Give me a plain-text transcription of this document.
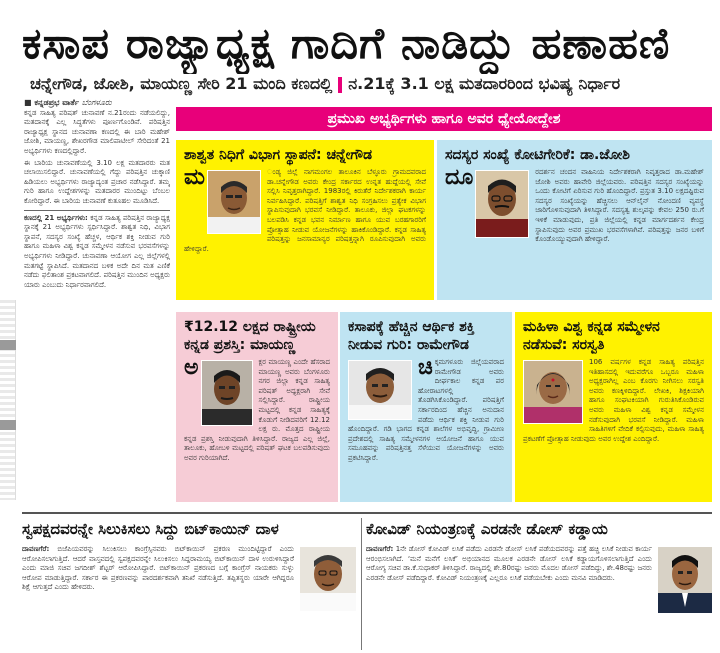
ಕಸಾಪ ರಾಜ್ಯಾಧ್ಯಕ್ಷ ಗಾದಿಗೆ ನಾಡಿದ್ದು ಹಣಾಹಣಿ
ಚನ್ನೇಗೌಡ, ಜೋಶಿ, ಮಾಯಣ್ಣ ಸೇರಿ 21 ಮಂದಿ ಕಣದಲ್ಲಿ ನ.21ಕ್ಕೆ 3.1 ಲಕ್ಷ ಮತದಾರರಿಂದ ಭವಿಷ್ಯ ನಿರ್ಧಾರ
■ ಕನ್ನಡಪ್ರಭ ವಾರ್ತೆ ಬೆಂಗಳೂರು

ಕನ್ನಡ ಸಾಹಿತ್ಯ ಪರಿಷತ್ ಚುನಾವಣೆ ನ.21ರಂದು ನಡೆಯಲಿದ್ದು, ಮತದಾನಕ್ಕೆ ಎಲ್ಲ ಸಿದ್ಧತೆಗಳು ಪೂರ್ಣಗೊಂಡಿವೆ. ಪರಿಷತ್ತಿನ ರಾಜ್ಯಾಧ್ಯಕ್ಷ ಸ್ಥಾನದ ಚುನಾವಣಾ ಕಣದಲ್ಲಿ ಈ ಬಾರಿ ಮಹೇಶ್ ಜೋಶಿ, ಮಾಯಣ್ಣ, ಶೇಖರಗೌಡ ಮಾಲಿಪಾಟೀಲ್ ಸೇರಿದಂತೆ 21 ಅಭ್ಯರ್ಥಿಗಳು ಕಣದಲ್ಲಿದ್ದಾರೆ.

ಈ ಬಾರಿಯ ಚುನಾವಣೆಯಲ್ಲಿ 3.10 ಲಕ್ಷ ಮತದಾರರು ಮತ ಚಲಾಯಿಸಲಿದ್ದಾರೆ. ಚುನಾವಣೆಯಲ್ಲಿ ಗೆದ್ದು ಪರಿಷತ್ತಿನ ಚುಕ್ಕಾಣಿ ಹಿಡಿಯಲು ಅಭ್ಯರ್ಥಿಗಳು ರಾಜ್ಯಾದ್ಯಂತ ಪ್ರಚಾರ ನಡೆಸಿದ್ದಾರೆ. ತಮ್ಮ ಗುರಿ ಹಾಗೂ ಉದ್ದೇಶಗಳನ್ನು ಮತದಾರರ ಮುಂದಿಟ್ಟು ಬೆಂಬಲ ಕೋರಿದ್ದಾರೆ. ಈ ಬಾರಿಯ ಚುನಾವಣೆ ಕುತೂಹಲ ಮೂಡಿಸಿದೆ.

ಕಣದಲ್ಲಿ 21 ಅಭ್ಯರ್ಥಿಗಳು: ಕನ್ನಡ ಸಾಹಿತ್ಯ ಪರಿಷತ್ತಿನ ರಾಜ್ಯಾಧ್ಯಕ್ಷ ಸ್ಥಾನಕ್ಕೆ 21 ಅಭ್ಯರ್ಥಿಗಳು ಸ್ಪರ್ಧಿಸಿದ್ದಾರೆ. ಶಾಶ್ವತ ನಿಧಿ, ವಿಭಾಗ ಸ್ಥಾಪನೆ, ಸದಸ್ಯರ ಸಂಖ್ಯೆ ಹೆಚ್ಚಳ, ಆರ್ಥಿಕ ಶಕ್ತಿ ನೀಡುವ ಗುರಿ ಹಾಗೂ ಮಹಿಳಾ ವಿಶ್ವ ಕನ್ನಡ ಸಮ್ಮೇಳನ ನಡೆಸುವ ಭರವಸೆಗಳನ್ನು ಅಭ್ಯರ್ಥಿಗಳು ನೀಡಿದ್ದಾರೆ. ಚುನಾವಣಾ ಆಯೋಗ ಎಲ್ಲ ಜಿಲ್ಲೆಗಳಲ್ಲಿ ಮತಗಟ್ಟೆ ಸ್ಥಾಪಿಸಿದೆ. ಮತದಾನದ ಬಳಿಕ ಅದೇ ದಿನ ಮತ ಎಣಿಕೆ ನಡೆದು ಫಲಿತಾಂಶ ಪ್ರಕಟವಾಗಲಿದೆ. ಪರಿಷತ್ತಿನ ಮುಂದಿನ ಅಧ್ಯಕ್ಷರು ಯಾರು ಎಂಬುದು ನಿರ್ಧಾರವಾಗಲಿದೆ.

ಪ್ರಮುಖ ಅಭ್ಯರ್ಥಿಗಳು ಹಾಗೂ ಅವರ ಧ್ಯೇಯೋದ್ದೇಶ
ಶಾಶ್ವತ ನಿಧಿಗೆ ವಿಭಾಗ ಸ್ಥಾಪನೆ: ಚನ್ನೇಗೌಡ
ಮ	ಂಡ್ಯ ಜಿಲ್ಲೆ ನಾಗಮಂಗಲ ತಾಲೂಕಿನ ಬೆಳ್ಳೂರು ಗ್ರಾಮದವರಾದ ಡಾ.ಚನ್ನೇಗೌಡ ಅವರು ಕೇಂದ್ರ ಸರ್ಕಾರದ ಉನ್ನತ ಹುದ್ದೆಯಲ್ಲಿ ಸೇವೆ ಸಲ್ಲಿಸಿ ನಿವೃತ್ತರಾಗಿದ್ದಾರೆ. 1983ರಲ್ಲಿ ಕಿರುತೆರೆ ನಿರ್ದೇಶಕರಾಗಿ ಕಾರ್ಯ ನಿರ್ವಹಿಸಿದ್ದಾರೆ. ಪರಿಷತ್ತಿಗೆ ಶಾಶ್ವತ ನಿಧಿ ಸಂಗ್ರಹಿಸಲು ಪ್ರತ್ಯೇಕ ವಿಭಾಗ ಸ್ಥಾಪಿಸುವುದಾಗಿ ಭರವಸೆ ನೀಡಿದ್ದಾರೆ. ತಾಲೂಕು, ಜಿಲ್ಲಾ ಘಟಕಗಳನ್ನು ಬಲಪಡಿಸಿ ಕನ್ನಡ ಭವನ ನಿರ್ಮಾಣ ಹಾಗೂ ಯುವ ಬರಹಗಾರರಿಗೆ ಪ್ರೋತ್ಸಾಹ ನೀಡುವ ಯೋಜನೆಗಳನ್ನು ಹಾಕಿಕೊಂಡಿದ್ದಾರೆ. ಕನ್ನಡ ಸಾಹಿತ್ಯ ಪರಿಷತ್ತನ್ನು ಜನಸಾಮಾನ್ಯರ ಪರಿಷತ್ತನ್ನಾಗಿ ರೂಪಿಸುವುದಾಗಿ ಅವರು ಹೇಳಿದ್ದಾರೆ.
ಸದಸ್ಯರ ಸಂಖ್ಯೆ ಕೋಟಿಗೇರಿಕೆ: ಡಾ.ಜೋಶಿ
ದೂ	ರದರ್ಶನ ಚಂದನ ವಾಹಿನಿಯ ನಿರ್ದೇಶಕರಾಗಿ ನಿವೃತ್ತರಾದ ಡಾ.ಮಹೇಶ್ ಜೋಶಿ ಅವರು ಹಾವೇರಿ ಜಿಲ್ಲೆಯವರು. ಪರಿಷತ್ತಿನ ಸದಸ್ಯರ ಸಂಖ್ಯೆಯನ್ನು ಒಂದು ಕೋಟಿಗೆ ಏರಿಸುವ ಗುರಿ ಹೊಂದಿದ್ದಾರೆ. ಪ್ರಸ್ತುತ 3.10 ಲಕ್ಷದಷ್ಟಿರುವ ಸದಸ್ಯರ ಸಂಖ್ಯೆಯನ್ನು ಹೆಚ್ಚಿಸಲು ಆನ್‌ಲೈನ್ ನೋಂದಣಿ ವ್ಯವಸ್ಥೆ ಜಾರಿಗೊಳಿಸುವುದಾಗಿ ತಿಳಿಸಿದ್ದಾರೆ. ಸದಸ್ಯತ್ವ ಶುಲ್ಕವನ್ನು ಕೇವಲ 250 ರು.ಗೆ ಇಳಿಕೆ ಮಾಡುವುದು, ಪ್ರತಿ ಜಿಲ್ಲೆಯಲ್ಲಿ ಕನ್ನಡ ಮಾರ್ಗದರ್ಶನ ಕೇಂದ್ರ ಸ್ಥಾಪಿಸುವುದು ಅವರ ಪ್ರಮುಖ ಭರವಸೆಗಳಾಗಿವೆ. ಪರಿಷತ್ತನ್ನು ಜನರ ಬಳಿಗೆ ಕೊಂಡೊಯ್ಯುವುದಾಗಿ ಹೇಳಿದ್ದಾರೆ.
₹12.12 ಲಕ್ಷದ ರಾಷ್ಟ್ರೀಯ ಕನ್ನಡ ಪ್ರಶಸ್ತಿ: ಮಾಯಣ್ಣ
ಅ	ಕ್ಷರ ಮಾಯಣ್ಣ ಎಂದೇ ಹೆಸರಾದ ಮಾಯಣ್ಣ ಅವರು ಬೆಂಗಳೂರು ನಗರ ಜಿಲ್ಲಾ ಕನ್ನಡ ಸಾಹಿತ್ಯ ಪರಿಷತ್ ಅಧ್ಯಕ್ಷರಾಗಿ ಸೇವೆ ಸಲ್ಲಿಸಿದ್ದಾರೆ. ರಾಷ್ಟ್ರೀಯ ಮಟ್ಟದಲ್ಲಿ ಕನ್ನಡ ಸಾಹಿತ್ಯಕ್ಕೆ ಕೊಡುಗೆ ನೀಡಿದವರಿಗೆ 12.12 ಲಕ್ಷ ರು. ಮೊತ್ತದ ರಾಷ್ಟ್ರೀಯ ಕನ್ನಡ ಪ್ರಶಸ್ತಿ ನೀಡುವುದಾಗಿ ತಿಳಿಸಿದ್ದಾರೆ. ರಾಜ್ಯದ ಎಲ್ಲ ಜಿಲ್ಲೆ, ತಾಲೂಕು, ಹೋಬಳಿ ಮಟ್ಟದಲ್ಲಿ ಪರಿಷತ್ ಘಟಕ ಬಲಪಡಿಸುವುದು ಅವರ ಗುರಿಯಾಗಿದೆ.
ಕಸಾಪಕ್ಕೆ ಹೆಚ್ಚಿನ ಆರ್ಥಿಕ ಶಕ್ತಿ ನೀಡುವ ಗುರಿ: ರಾಮೇಗೌಡ
ಚಿ ಕ್ಕಮಗಳೂರು ಜಿಲ್ಲೆಯವರಾದ ರಾಮೇಗೌಡ ಅವರು ದೀರ್ಘಕಾಲ ಕನ್ನಡ ಪರ ಹೋರಾಟಗಳಲ್ಲಿ ತೊಡಗಿಸಿಕೊಂಡಿದ್ದಾರೆ. ಪರಿಷತ್ತಿಗೆ ಸರ್ಕಾರದಿಂದ ಹೆಚ್ಚಿನ ಅನುದಾನ ಪಡೆದು ಆರ್ಥಿಕ ಶಕ್ತಿ ನೀಡುವ ಗುರಿ ಹೊಂದಿದ್ದಾರೆ. ಗಡಿ ಭಾಗದ ಕನ್ನಡ ಶಾಲೆಗಳ ಅಭಿವೃದ್ಧಿ, ಗ್ರಾಮೀಣ ಪ್ರದೇಶದಲ್ಲಿ ಸಾಹಿತ್ಯ ಸಮ್ಮೇಳನಗಳ ಆಯೋಜನೆ ಹಾಗೂ ಯುವ ಸಮೂಹವನ್ನು ಪರಿಷತ್ತಿನತ್ತ ಸೆಳೆಯುವ ಯೋಜನೆಗಳನ್ನು ಅವರು ಪ್ರಕಟಿಸಿದ್ದಾರೆ.
ಮಹಿಳಾ ವಿಶ್ವ ಕನ್ನಡ ಸಮ್ಮೇಳನ ನಡೆಸುವೆ: ಸರಸ್ವತಿ
106 ವರ್ಷಗಳ ಕನ್ನಡ ಸಾಹಿತ್ಯ ಪರಿಷತ್ತಿನ ಇತಿಹಾಸದಲ್ಲಿ ಇದುವರೆಗೂ ಒಬ್ಬರೂ ಮಹಿಳಾ ಅಧ್ಯಕ್ಷರಾಗಿಲ್ಲ ಎಂಬ ಕೊರಗು ನೀಗಿಸಲು ಸರಸ್ವತಿ ಅವರು ಕಣಕ್ಕಿಳಿದಿದ್ದಾರೆ. ಲೇಖಕಿ, ಶಿಕ್ಷಕಿಯಾಗಿ ಹಾಗೂ ಸಂಘಟಕಿಯಾಗಿ ಗುರುತಿಸಿಕೊಂಡಿರುವ ಅವರು ಮಹಿಳಾ ವಿಶ್ವ ಕನ್ನಡ ಸಮ್ಮೇಳನ ನಡೆಸುವುದಾಗಿ ಭರವಸೆ ನೀಡಿದ್ದಾರೆ. ಮಹಿಳಾ ಸಾಹಿತಿಗಳಿಗೆ ವೇದಿಕೆ ಕಲ್ಪಿಸುವುದು, ಮಹಿಳಾ ಸಾಹಿತ್ಯ ಪ್ರಕಟಣೆಗೆ ಪ್ರೋತ್ಸಾಹ ನೀಡುವುದು ಅವರ ಉದ್ದೇಶ ಎಂದಿದ್ದಾರೆ.
ಸ್ವಪಕ್ಷದವರನ್ನೇ ಸಿಲುಕಿಸಲು ಸಿದ್ದು ಬಿಟ್‌ಕಾಯಿನ್ ದಾಳ
ದಾವಣಗೆರೆ: ಬಿಜೆಪಿಯವರನ್ನು ಸಿಲುಕಿಸಲು ಕಾಂಗ್ರೆಸ್ಸಿನವರು ಬಿಟ್‌ಕಾಯಿನ್ ಪ್ರಕರಣ ಮುಂದಿಟ್ಟಿದ್ದಾರೆ ಎಂದು ಆರೋಪಿಸಲಾಗುತ್ತಿದೆ. ಆದರೆ ವಾಸ್ತವದಲ್ಲಿ ಸ್ವಪಕ್ಷದವರನ್ನೇ ಸಿಲುಕಿಸಲು ಸಿದ್ದರಾಮಯ್ಯ ಬಿಟ್‌ಕಾಯಿನ್ ದಾಳ ಉರುಳಿಸಿದ್ದಾರೆ ಎಂದು ಮಾಜಿ ಸಚಿವ ಜಗದೀಶ್ ಶೆಟ್ಟರ್ ಆರೋಪಿಸಿದ್ದಾರೆ. ಬಿಟ್‌ಕಾಯಿನ್ ಪ್ರಕರಣದ ಬಗ್ಗೆ ಕಾಂಗ್ರೆಸ್ ನಾಯಕರು ಸುಳ್ಳು ಆರೋಪ ಮಾಡುತ್ತಿದ್ದಾರೆ. ಸರ್ಕಾರ ಈ ಪ್ರಕರಣವನ್ನು ಪಾರದರ್ಶಕವಾಗಿ ತನಿಖೆ ನಡೆಸುತ್ತಿದೆ. ತಪ್ಪಿತಸ್ಥರು ಯಾರೇ ಆಗಿದ್ದರೂ ಶಿಕ್ಷೆ ಆಗುತ್ತದೆ ಎಂದು ಹೇಳಿದರು.
ಕೋವಿಡ್ ನಿಯಂತ್ರಣಕ್ಕೆ ಎರಡನೇ ಡೋಸ್ ಕಡ್ಡಾಯ
ದಾವಣಗೆರೆ: 1ನೇ ಡೋಸ್ ಕೋವಿಡ್ ಲಸಿಕೆ ಪಡೆದು ಎರಡನೇ ಡೋಸ್ ಲಸಿಕೆ ಪಡೆಯದವರನ್ನು ಪತ್ತೆ ಹಚ್ಚಿ ಲಸಿಕೆ ನೀಡುವ ಕಾರ್ಯ ಆರಂಭಿಸಲಾಗಿದೆ. ‘ಮನೆ ಮನೆಗೆ ಲಸಿಕೆ’ ಅಭಿಯಾನದ ಮೂಲಕ ಎರಡನೇ ಡೋಸ್ ಲಸಿಕೆ ಕಡ್ಡಾಯಗೊಳಿಸಲಾಗುತ್ತಿದೆ ಎಂದು ಆರೋಗ್ಯ ಸಚಿವ ಡಾ.ಕೆ.ಸುಧಾಕರ್ ತಿಳಿಸಿದ್ದಾರೆ. ರಾಜ್ಯದಲ್ಲಿ ಶೇ.80ರಷ್ಟು ಜನರು ಮೊದಲ ಡೋಸ್ ಪಡೆದಿದ್ದು, ಶೇ.48ರಷ್ಟು ಜನರು ಎರಡನೇ ಡೋಸ್ ಪಡೆದಿದ್ದಾರೆ. ಕೋವಿಡ್ ನಿಯಂತ್ರಣಕ್ಕೆ ಎಲ್ಲರೂ ಲಸಿಕೆ ಪಡೆಯಬೇಕು ಎಂದು ಮನವಿ ಮಾಡಿದರು.
